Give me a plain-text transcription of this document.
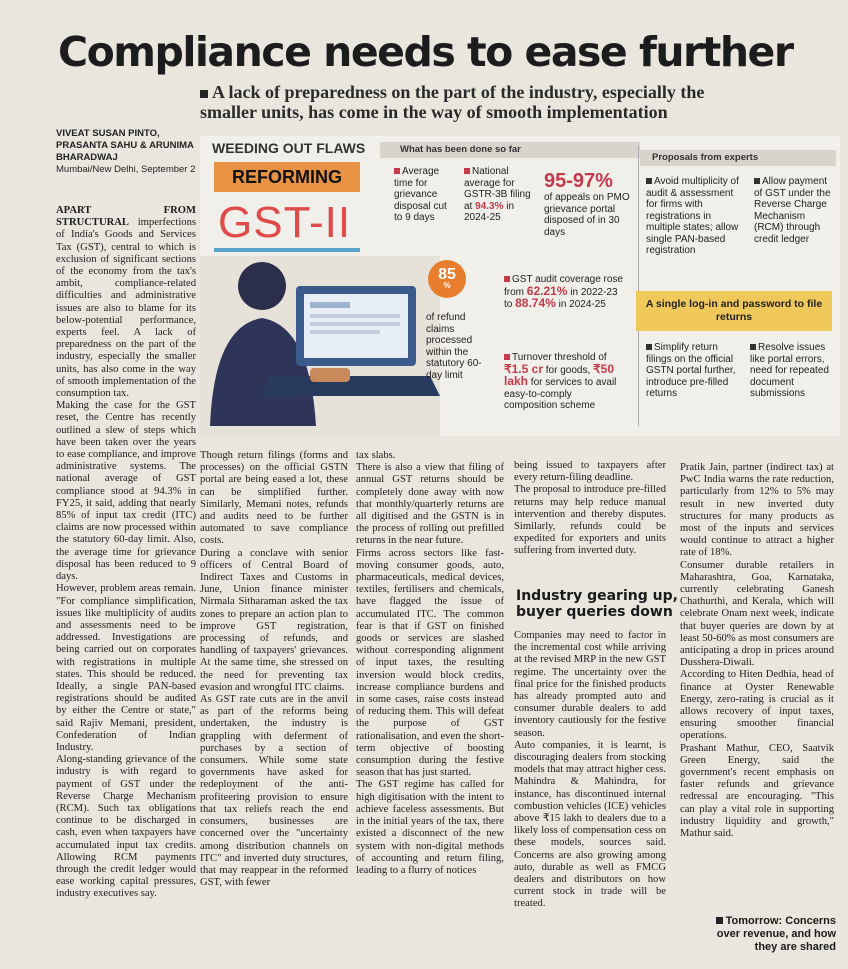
Compliance needs to ease further
A lack of preparedness on the part of the industry, especially the smaller units, has come in the way of smooth implementation
VIVEAT SUSAN PINTO, PRASANTA SAHU & ARUNIMA BHARADWAJ
Mumbai/New Delhi, September 2
APART FROM STRUCTURAL imperfections of India's Goods and Services Tax (GST), central to which is exclusion of significant sections of the economy from the tax's ambit, compliance-related difficulties and administrative issues are also to blame for its below-potential performance, experts feel. A lack of preparedness on the part of the industry, especially the smaller units, has also come in the way of smooth implementation of the consumption tax.
Making the case for the GST reset, the Centre has recently outlined a slew of steps which have been taken over the years to ease compliance, and improve administrative systems. The national average of GST compliance stood at 94.3% in FY25, it said, adding that nearly 85% of input tax credit (ITC) claims are now processed within the statutory 60-day limit. Also, the average time for grievance disposal has been reduced to 9 days.
However, problem areas remain. "For compliance simplification, issues like multiplicity of audits and assessments need to be addressed. Investigations are being carried out on corporates with registrations in multiple states. This should be reduced. Ideally, a single PAN-based registrations should be audited by either the Centre or state," said Rajiv Memani, president, Confederation of Indian Industry.
Along-standing grievance of the industry is with regard to payment of GST under the Reverse Charge Mechanism (RCM). Such tax obligations continue to be discharged in cash, even when taxpayers have accumulated input tax credits. Allowing RCM payments through the credit ledger would ease working capital pressures, industry executives say.
WEEDING OUT FLAWS
REFORMING
GST-II
What has been done so far
Proposals from experts
Average time for grievance disposal cut to 9 days
National average for GSTR-3B filing at 94.3% in 2024-25
95-97%
of appeals on PMO grievance portal disposed of in 30 days
85
%
of refund claims processed within the statutory 60-day limit
GST audit coverage rose from 62.21% in 2022-23 to 88.74% in 2024-25
Turnover threshold of ₹1.5 cr for goods, ₹50 lakh for services to avail easy-to-comply composition scheme
Avoid multiplicity of audit & assessment for firms with registrations in multiple states; allow single PAN-based registration
Allow payment of GST under the Reverse Charge Mechanism (RCM) through credit ledger
A single log-in and password to file returns
Simplify return filings on the official GSTN portal further, introduce pre-filled returns
Resolve issues like portal errors, need for repeated document submissions
Though return filings (forms and processes) on the official GSTN portal are being eased a lot, these can be simplified further. Similarly, Memani notes, refunds and audits need to be further automated to save compliance costs.
During a conclave with senior officers of Central Board of Indirect Taxes and Customs in June, Union finance minister Nirmala Sitharaman asked the tax zones to prepare an action plan to improve GST registration, processing of refunds, and handling of taxpayers' grievances. At the same time, she stressed on the need for preventing tax evasion and wrongful ITC claims.
As GST rate cuts are in the anvil as part of the reforms being undertaken, the industry is grappling with deferment of purchases by a section of consumers. While some state governments have asked for redeployment of the anti-profiteering provision to ensure that tax reliefs reach the end consumers, businesses are concerned over the "uncertainty among distribution channels on ITC" and inverted duty structures, that may reappear in the reformed GST, with fewer
tax slabs.
There is also a view that filing of annual GST returns should be completely done away with now that monthly/quarterly returns are all digitised and the GSTN is in the process of rolling out prefilled returns in the near future.
Firms across sectors like fast-moving consumer goods, auto, pharmaceuticals, medical devices, textiles, fertilisers and chemicals, have flagged the issue of accumulated ITC. The common fear is that if GST on finished goods or services are slashed without corresponding alignment of input taxes, the resulting inversion would block credits, increase compliance burdens and in some cases, raise costs instead of reducing them. This will defeat the purpose of GST rationalisation, and even the short-term objective of boosting consumption during the festive season that has just started.
The GST regime has called for high digitisation with the intent to achieve faceless assessments. But in the initial years of the tax, there existed a disconnect of the new system with non-digital methods of accounting and return filing, leading to a flurry of notices
being issued to taxpayers after every return-filing deadline.
The proposal to introduce pre-filled returns may help reduce manual intervention and thereby disputes. Similarly, refunds could be expedited for exporters and units suffering from inverted duty.
Industry gearing up, buyer queries down
Companies may need to factor in the incremental cost while arriving at the revised MRP in the new GST regime. The uncertainty over the final price for the finished products has already prompted auto and consumer durable dealers to add inventory cautiously for the festive season.
Auto companies, it is learnt, is discouraging dealers from stocking models that may attract higher cess. Mahindra & Mahindra, for instance, has discontinued internal combustion vehicles (ICE) vehicles above ₹15 lakh to dealers due to a likely loss of compensation cess on these models, sources said. Concerns are also growing among auto, durable as well as FMCG dealers and distributors on how current stock in trade will be treated.
Pratik Jain, partner (indirect tax) at PwC India warns the rate reduction, particularly from 12% to 5% may result in new inverted duty structures for many products as most of the inputs and services would continue to attract a higher rate of 18%.
Consumer durable retailers in Maharashtra, Goa, Karnataka, currently celebrating Ganesh Chathurthi, and Kerala, which will celebrate Onam next week, indicate that buyer queries are down by at least 50-60% as most consumers are anticipating a drop in prices around Dusshera-Diwali.
According to Hiten Dedhia, head of finance at Oyster Renewable Energy, zero-rating is crucial as it allows recovery of input taxes, ensuring smoother financial operations.
Prashant Mathur, CEO, Saatvik Green Energy, said the government's recent emphasis on faster refunds and grievance redressal are encouraging. "This can play a vital role in supporting industry liquidity and growth," Mathur said.
Tomorrow: Concerns over revenue, and how they are shared
